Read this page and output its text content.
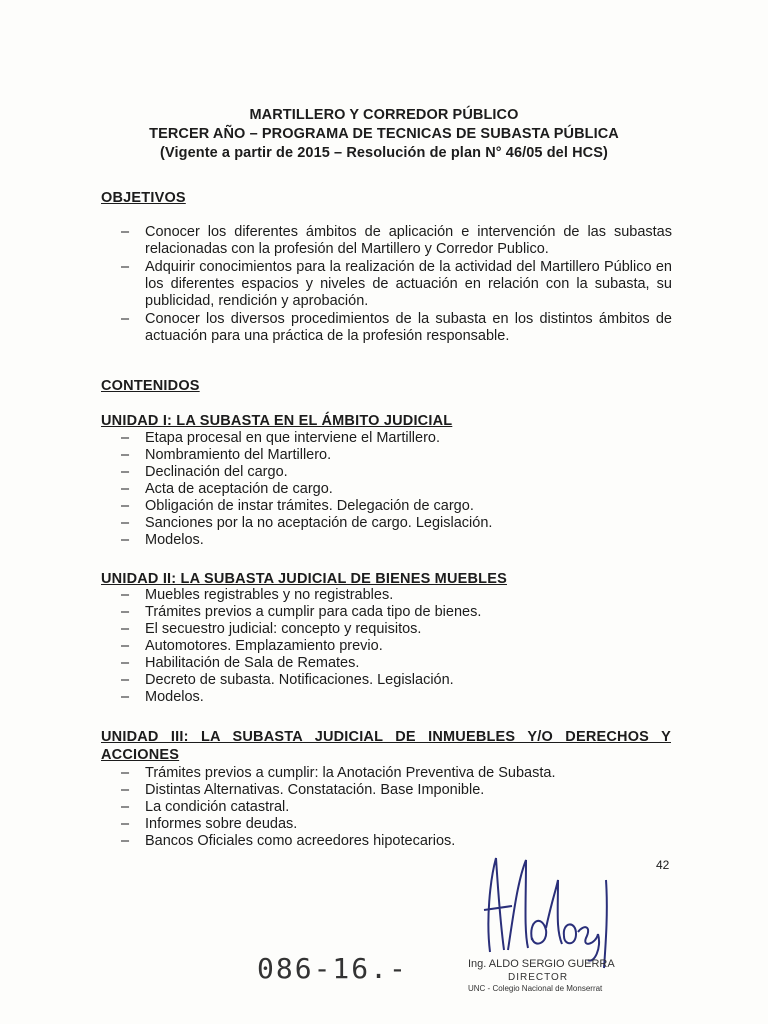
MARTILLERO Y CORREDOR PÚBLICO
TERCER AÑO – PROGRAMA DE TECNICAS DE SUBASTA PÚBLICA
(Vigente a partir de 2015 – Resolución de plan N° 46/05 del HCS)
OBJETIVOS
– Conocer los diferentes ámbitos de aplicación e intervención de las subastas relacionadas con la profesión del Martillero y Corredor Publico.
– Adquirir conocimientos para la realización de la actividad del Martillero Público en los diferentes espacios y niveles de actuación en relación con la subasta, su publicidad, rendición y aprobación.
– Conocer los diversos procedimientos de la subasta en los distintos ámbitos de actuación para una práctica de la profesión responsable.
CONTENIDOS
UNIDAD I: LA SUBASTA EN EL ÁMBITO JUDICIAL
– Etapa procesal en que interviene el Martillero.
– Nombramiento del Martillero.
– Declinación del cargo.
– Acta de aceptación de cargo.
– Obligación de instar trámites. Delegación de cargo.
– Sanciones por la no aceptación de cargo. Legislación.
– Modelos.
UNIDAD II: LA SUBASTA JUDICIAL DE BIENES MUEBLES
– Muebles registrables y no registrables.
– Trámites previos a cumplir para cada tipo de bienes.
– El secuestro judicial: concepto y requisitos.
– Automotores. Emplazamiento previo.
– Habilitación de Sala de Remates.
– Decreto de subasta. Notificaciones. Legislación.
– Modelos.
UNIDAD III: LA SUBASTA JUDICIAL DE INMUEBLES Y/O DERECHOS Y ACCIONES
– Trámites previos a cumplir: la Anotación Preventiva de Subasta.
– Distintas Alternativas. Constatación. Base Imponible.
– La condición catastral.
– Informes sobre deudas.
– Bancos Oficiales como acreedores hipotecarios.
42
086-16.-	Ing. ALDO SERGIO GUERRA
DIRECTOR
UNC - Colegio Nacional de Monserrat
